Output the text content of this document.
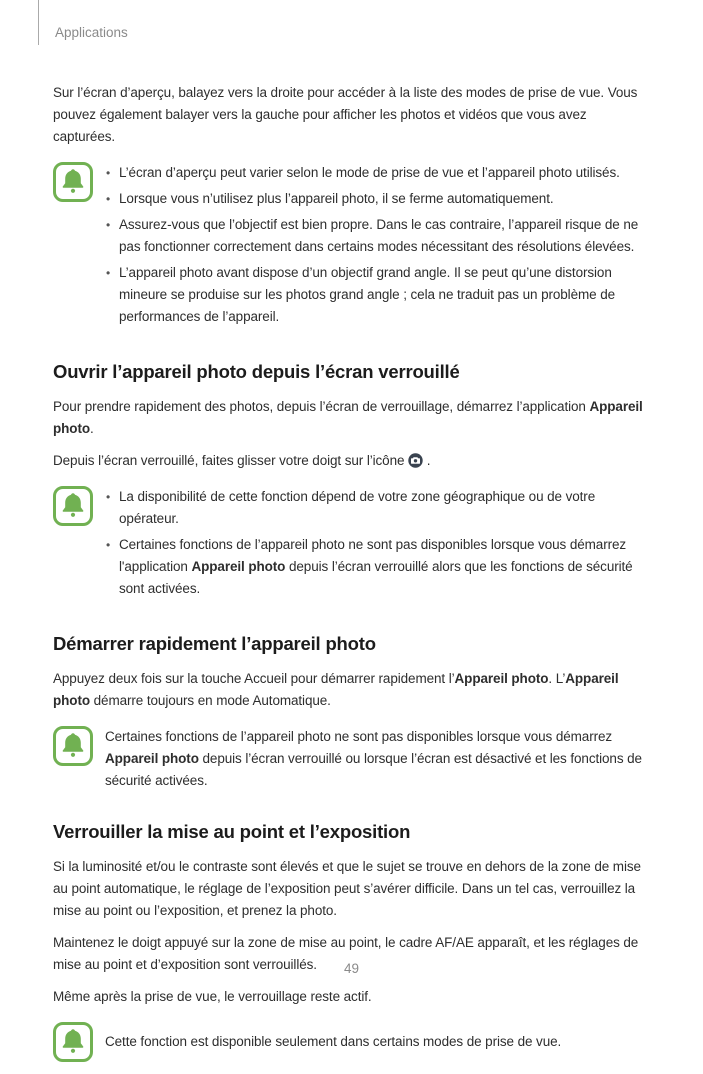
Applications

Sur l’écran d’aperçu, balayez vers la droite pour accéder à la liste des modes de prise de vue. Vous pouvez également balayer vers la gauche pour afficher les photos et vidéos que vous avez capturées.

• L’écran d’aperçu peut varier selon le mode de prise de vue et l’appareil photo utilisés.
• Lorsque vous n’utilisez plus l’appareil photo, il se ferme automatiquement.
• Assurez-vous que l’objectif est bien propre. Dans le cas contraire, l’appareil risque de ne pas fonctionner correctement dans certains modes nécessitant des résolutions élevées.
• L’appareil photo avant dispose d’un objectif grand angle. Il se peut qu’une distorsion mineure se produise sur les photos grand angle ; cela ne traduit pas un problème de performances de l’appareil.
Ouvrir l’appareil photo depuis l’écran verrouillé

Pour prendre rapidement des photos, depuis l’écran de verrouillage, démarrez l’application Appareil photo.

Depuis l’écran verrouillé, faites glisser votre doigt sur l’icône  .

• La disponibilité de cette fonction dépend de votre zone géographique ou de votre opérateur.
• Certaines fonctions de l’appareil photo ne sont pas disponibles lorsque vous démarrez l'application Appareil photo depuis l’écran verrouillé alors que les fonctions de sécurité sont activées.
Démarrer rapidement l’appareil photo

Appuyez deux fois sur la touche Accueil pour démarrer rapidement l’Appareil photo. L’Appareil photo démarre toujours en mode Automatique.

Certaines fonctions de l’appareil photo ne sont pas disponibles lorsque vous démarrez Appareil photo depuis l’écran verrouillé ou lorsque l’écran est désactivé et les fonctions de sécurité activées.

Verrouiller la mise au point et l’exposition

Si la luminosité et/ou le contraste sont élevés et que le sujet se trouve en dehors de la zone de mise au point automatique, le réglage de l’exposition peut s’avérer difficile. Dans un tel cas, verrouillez la mise au point ou l’exposition, et prenez la photo.

Maintenez le doigt appuyé sur la zone de mise au point, le cadre AF/AE apparaît, et les réglages de mise au point et d’exposition sont verrouillés.

Même après la prise de vue, le verrouillage reste actif.

Cette fonction est disponible seulement dans certains modes de prise de vue.

49
